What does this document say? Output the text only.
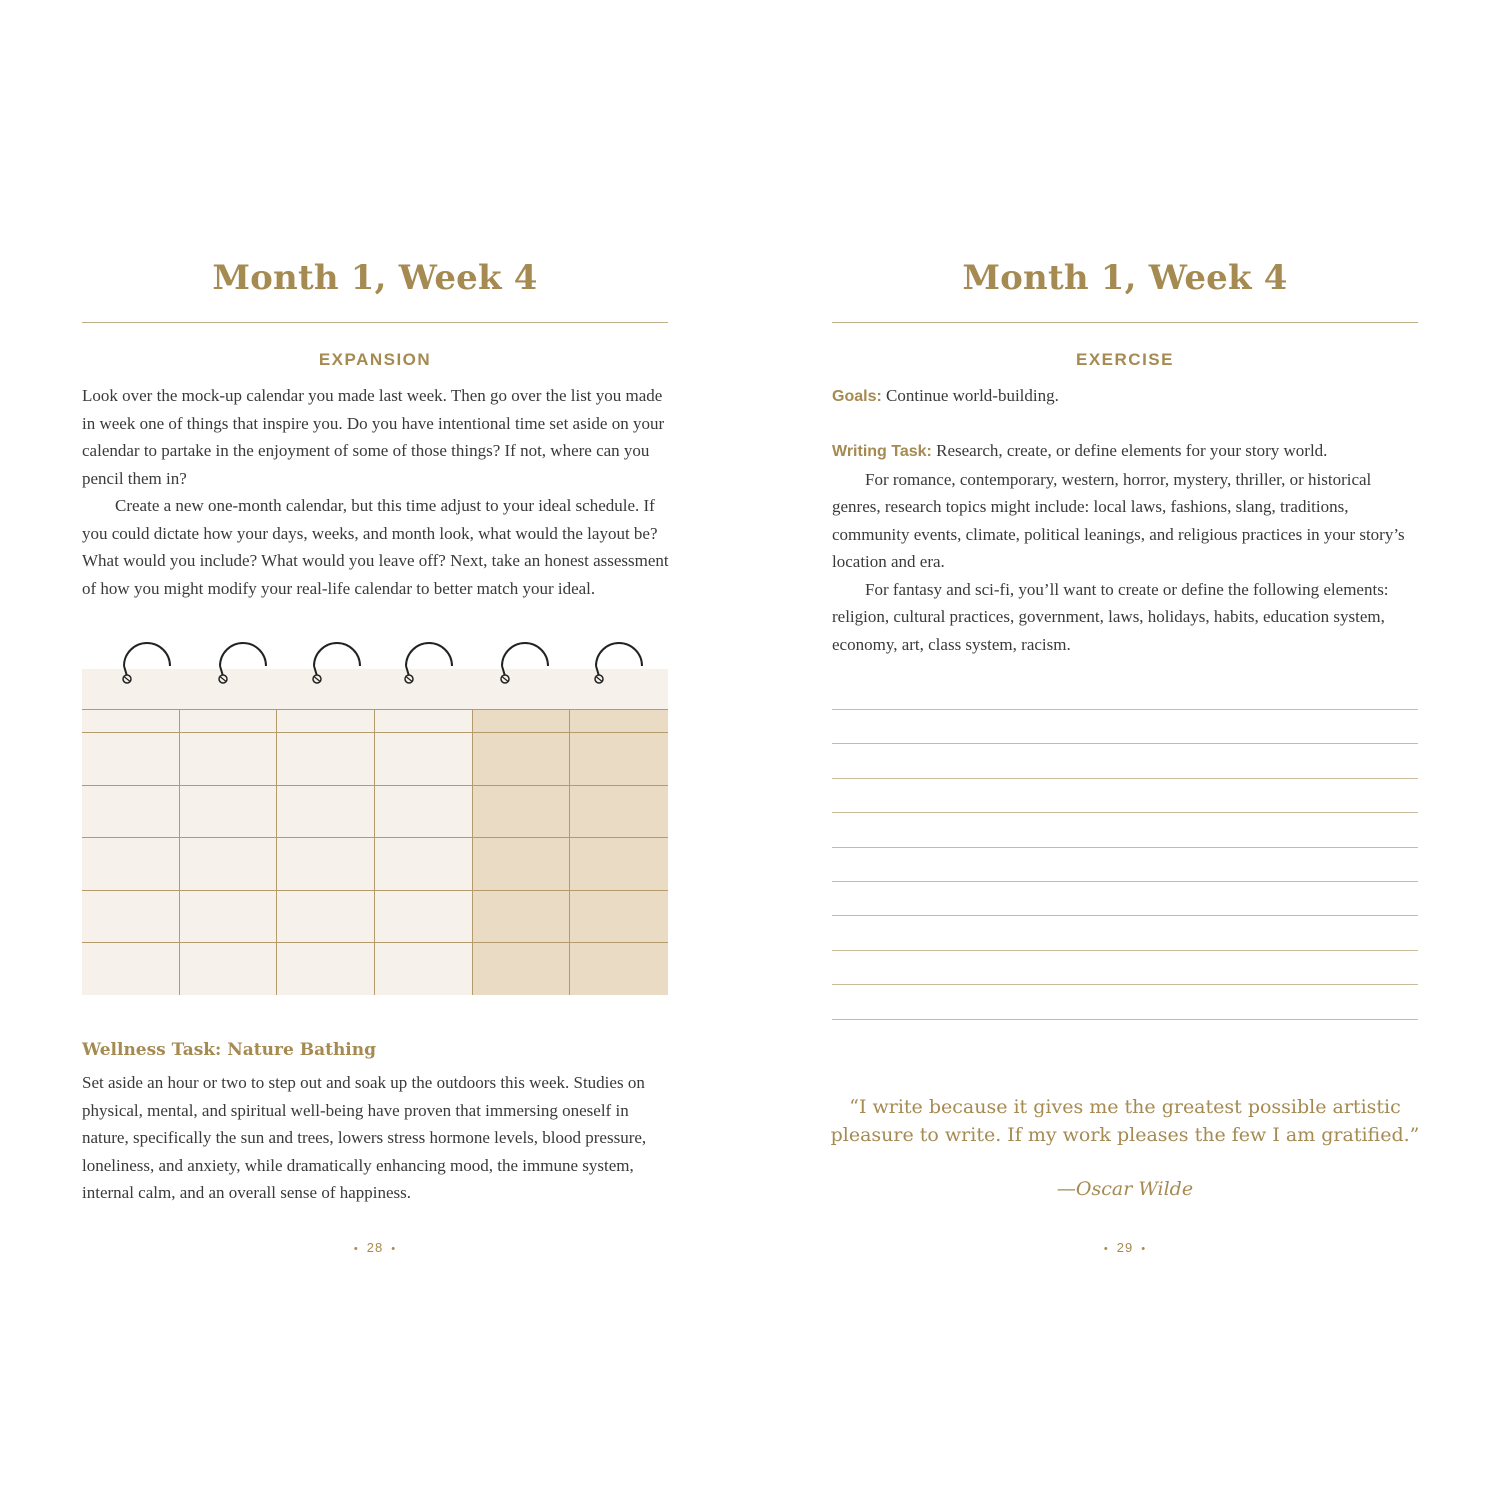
Month 1, Week 4
EXPANSION

Look over the mock-up calendar you made last week. Then go over the list you made in week one of things that inspire you. Do you have intentional time set aside on your calendar to partake in the enjoyment of some of those things? If not, where can you pencil them in?

Create a new one-month calendar, but this time adjust to your ideal schedule. If you could dictate how your days, weeks, and month look, what would the layout be? What would you include? What would you leave off? Next, take an honest assessment of how you might modify your real-life calendar to better match your ideal.

Wellness Task: Nature Bathing

Set aside an hour or two to step out and soak up the outdoors this week. Studies on physical, mental, and spiritual well-being have proven that immersing oneself in nature, specifically the sun and trees, lowers stress hormone levels, blood pressure, loneliness, and anxiety, while dramatically enhancing mood, the immune system, internal calm, and an overall sense of happiness.

• 28 •
Month 1, Week 4
EXERCISE

Goals: Continue world-building.

Writing Task: Research, create, or define elements for your story world.

For romance, contemporary, western, horror, mystery, thriller, or historical genres, research topics might include: local laws, fashions, slang, traditions, community events, climate, political leanings, and religious practices in your story’s location and era.

For fantasy and sci-fi, you’ll want to create or define the following elements: religion, cultural practices, government, laws, holidays, habits, education system, economy, art, class system, racism.

“I write because it gives me the greatest possible artistic pleasure to write. If my work pleases the few I am gratified.”

—Oscar Wilde

• 29 •
